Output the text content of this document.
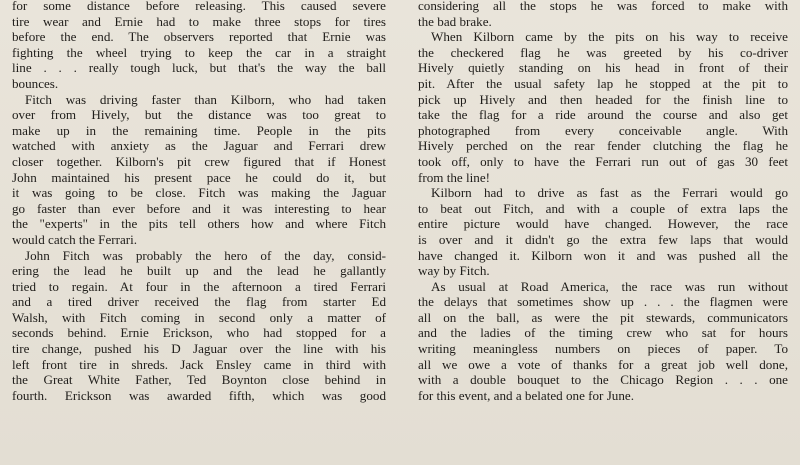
for some distance before releasing. This caused severe
tire wear and Ernie had to make three stops for tires
before the end. The observers reported that Ernie was
fighting the wheel trying to keep the car in a straight
line . . . really tough luck, but that's the way the ball
bounces.
Fitch was driving faster than Kilborn, who had taken
over from Hively, but the distance was too great to
make up in the remaining time. People in the pits
watched with anxiety as the Jaguar and Ferrari drew
closer together. Kilborn's pit crew figured that if Honest
John maintained his present pace he could do it, but
it was going to be close. Fitch was making the Jaguar
go faster than ever before and it was interesting to hear
the "experts" in the pits tell others how and where Fitch
would catch the Ferrari.
John Fitch was probably the hero of the day, consid-
ering the lead he built up and the lead he gallantly
tried to regain. At four in the afternoon a tired Ferrari
and a tired driver received the flag from starter Ed
Walsh, with Fitch coming in second only a matter of
seconds behind. Ernie Erickson, who had stopped for a
tire change, pushed his D Jaguar over the line with his
left front tire in shreds. Jack Ensley came in third with
the Great White Father, Ted Boynton close behind in
fourth. Erickson was awarded fifth, which was good
considering all the stops he was forced to make with
the bad brake.
When Kilborn came by the pits on his way to receive
the checkered flag he was greeted by his co-driver
Hively quietly standing on his head in front of their
pit. After the usual safety lap he stopped at the pit to
pick up Hively and then headed for the finish line to
take the flag for a ride around the course and also get
photographed from every conceivable angle. With
Hively perched on the rear fender clutching the flag he
took off, only to have the Ferrari run out of gas 30 feet
from the line!
Kilborn had to drive as fast as the Ferrari would go
to beat out Fitch, and with a couple of extra laps the
entire picture would have changed. However, the race
is over and it didn't go the extra few laps that would
have changed it. Kilborn won it and was pushed all the
way by Fitch.
As usual at Road America, the race was run without
the delays that sometimes show up . . . the flagmen were
all on the ball, as were the pit stewards, communicators
and the ladies of the timing crew who sat for hours
writing meaningless numbers on pieces of paper. To
all we owe a vote of thanks for a great job well done,
with a double bouquet to the Chicago Region . . . one
for this event, and a belated one for June.
